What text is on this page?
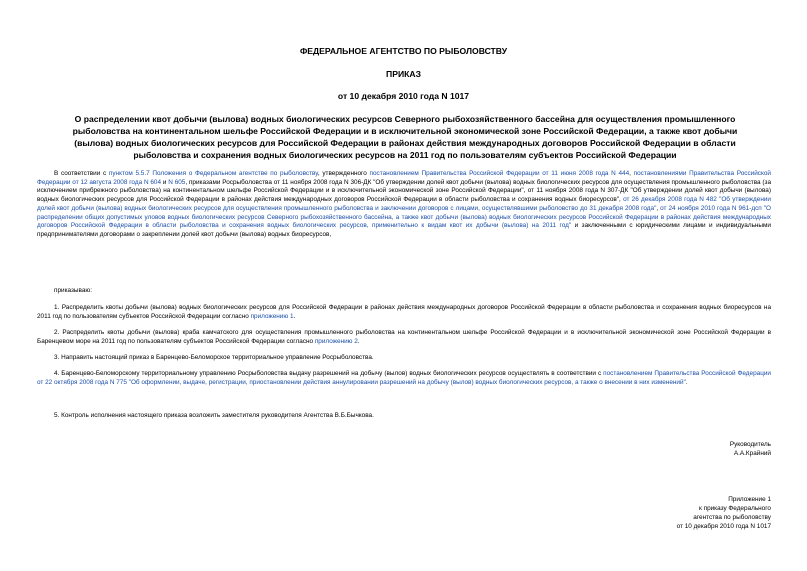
ФЕДЕРАЛЬНОЕ АГЕНТСТВО ПО РЫБОЛОВСТВУ
ПРИКАЗ
от 10 декабря 2010 года N 1017
О распределении квот добычи (вылова) водных биологических ресурсов Северного рыбохозяйственного бассейна для осуществления промышленного
рыболовства на континентальном шельфе Российской Федерации и в исключительной экономической зоне Российской Федерации, а также квот добычи
(вылова) водных биологических ресурсов для Российской Федерации в районах действия международных договоров Российской Федерации в области
рыболовства и сохранения водных биологических ресурсов на 2011 год по пользователям субъектов Российской Федерации
В соответствии с пунктом 5.5.7 Положения о Федеральном агентстве по рыболовству, утвержденного постановлением Правительства Российской Федерации от 11 июня 2008 года N 444, постановлениями Правительства Российской Федерации от 12 августа 2008 года N 604 и N 605, приказами Росрыболовства от 11 ноября 2008 года N 306-ДК "Об утверждении долей квот добычи (вылова) водных биологических ресурсов для осуществления промышленного рыболовства (за исключением прибрежного рыболовства) на континентальном шельфе Российской Федерации и в исключительной экономической зоне Российской Федерации", от 11 ноября 2008 года N 307-ДК "Об утверждении долей квот добычи (вылова) водных биологических ресурсов для Российской Федерации в районах действия международных договоров Российской Федерации в области рыболовства и сохранения водных биоресурсов", от 26 декабря 2008 года N 482 "Об утверждении долей квот добычи (вылова) водных биологических ресурсов для осуществления промышленного рыболовства и заключении договоров с лицами, осуществлявшими рыболовство до 31 декабря 2008 года", от 24 ноября 2010 года N 961-дсп "О распределении общих допустимых уловов водных биологических ресурсов Северного рыбохозяйственного бассейна, а также квот добычи (вылова) водных биологических ресурсов Российской Федерации в районах действия международных договоров Российской Федерации в области рыболовства и сохранения водных биологических ресурсов, применительно к видам квот их добычи (вылова) на 2011 год" и заключенными с юридическими лицами и индивидуальными предпринимателями договорами о закреплении долей квот добычи (вылова) водных биоресурсов,
приказываю:
1. Распределить квоты добычи (вылова) водных биологических ресурсов для Российской Федерации в районах действия международных договоров Российской Федерации в области рыболовства и сохранения водных биоресурсов на 2011 год по пользователям субъектов Российской Федерации согласно приложению 1.
2. Распределить квоты добычи (вылова) краба камчатского для осуществления промышленного рыболовства на континентальном шельфе Российской Федерации и в исключительной экономической зоне Российской Федерации в Баренцевом море на 2011 год по пользователям субъектов Российской Федерации согласно приложению 2.
3. Направить настоящий приказ в Баренцево-Беломорское территориальное управление Росрыболовства.
4. Баренцево-Беломорскому территориальному управлению Росрыболовства выдачу разрешений на добычу (вылов) водных биологических ресурсов осуществлять в соответствии с постановлением Правительства Российской Федерации от 22 октября 2008 года N 775 "Об оформлении, выдаче, регистрации, приостановлении действия аннулировании разрешений на добычу (вылов) водных биологических ресурсов, а также о внесении в них изменений".
5. Контроль исполнения настоящего приказа возложить заместителя руководителя Агентства В.Б.Бычкова.
Руководитель
А.А.Крайний
Приложение 1
к приказу Федерального
агентства по рыболовству
от 10 декабря 2010 года N 1017
